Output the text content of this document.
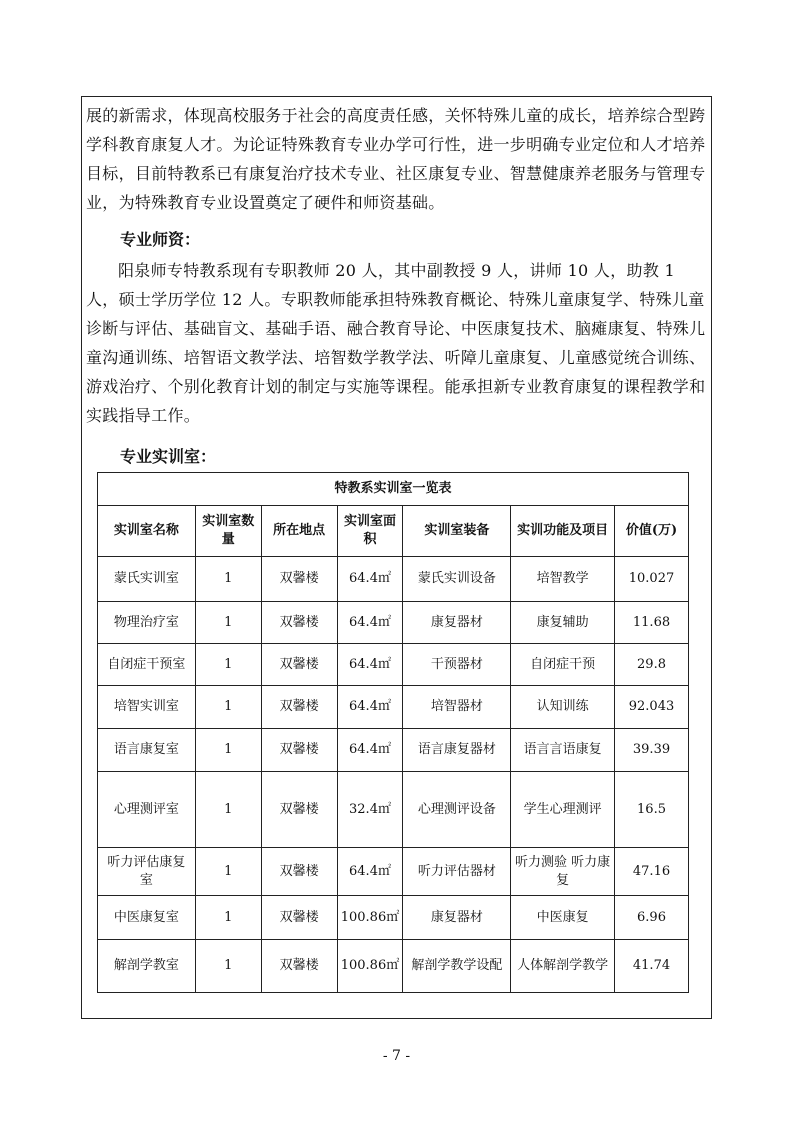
展的新需求，体现高校服务于社会的高度责任感，关怀特殊儿童的成长，培养综合型跨学科教育康复人才。为论证特殊教育专业办学可行性，进一步明确专业定位和人才培养目标，目前特教系已有康复治疗技术专业、社区康复专业、智慧健康养老服务与管理专业，为特殊教育专业设置奠定了硬件和师资基础。

专业师资：

阳泉师专特教系现有专职教师 20 人，其中副教授 9 人，讲师 10 人，助教 1 人，硕士学历学位 12 人。专职教师能承担特殊教育概论、特殊儿童康复学、特殊儿童诊断与评估、基础盲文、基础手语、融合教育导论、中医康复技术、脑瘫康复、特殊儿童沟通训练、培智语文教学法、培智数学教学法、听障儿童康复、儿童感觉统合训练、游戏治疗、个别化教育计划的制定与实施等课程。能承担新专业教育康复的课程教学和实践指导工作。

专业实训室：

特教系实训室一览表						
实训室名称	实训室数量	所在地点	实训室面积	实训室装备	实训功能及项目	价值(万)
蒙氏实训室	1	双馨楼	64.4㎡	蒙氏实训设备	培智教学	10.027
物理治疗室	1	双馨楼	64.4㎡	康复器材	康复辅助	11.68
自闭症干预室	1	双馨楼	64.4㎡	干预器材	自闭症干预	29.8
培智实训室	1	双馨楼	64.4㎡	培智器材	认知训练	92.043
语言康复室	1	双馨楼	64.4㎡	语言康复器材	语言言语康复	39.39
心理测评室	1	双馨楼	32.4㎡	心理测评设备	学生心理测评	16.5
听力评估康复室	1	双馨楼	64.4㎡	听力评估器材	听力测验 听力康复	47.16
中医康复室	1	双馨楼	100.86㎡	康复器材	中医康复	6.96
解剖学教室	1	双馨楼	100.86㎡	解剖学教学设配	人体解剖学教学	41.74
- 7 -
